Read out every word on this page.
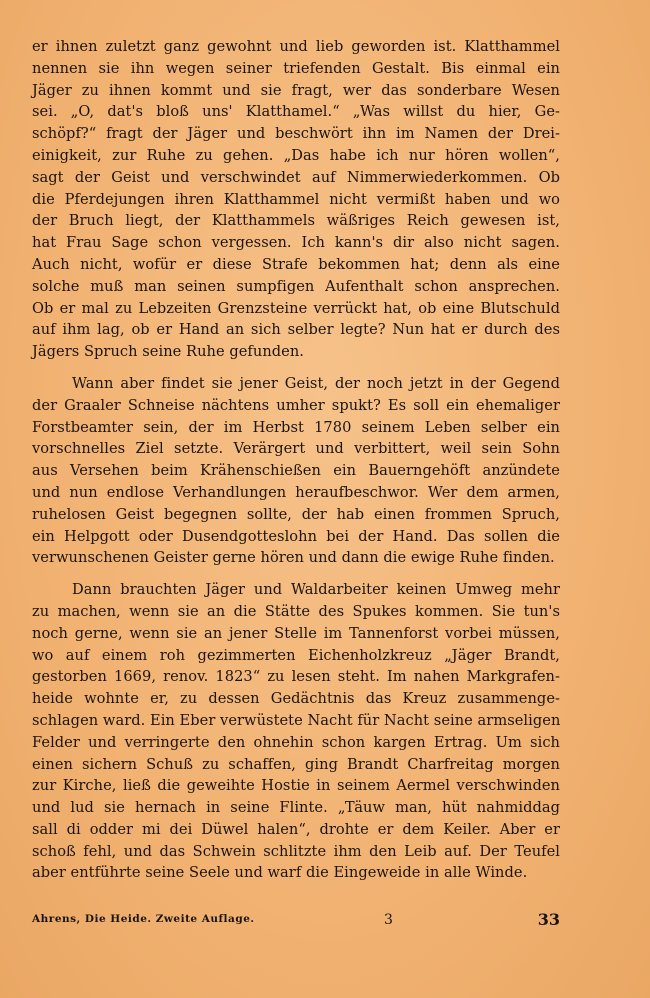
er ihnen zuletzt ganz gewohnt und lieb geworden ist. Klatthammel
nennen sie ihn wegen seiner triefenden Gestalt. Bis einmal ein
Jäger zu ihnen kommt und sie fragt, wer das sonderbare Wesen
sei. „O, dat's bloß uns' Klatthamel.“ „Was willst du hier, Ge-
schöpf?“ fragt der Jäger und beschwört ihn im Namen der Drei-
einigkeit, zur Ruhe zu gehen. „Das habe ich nur hören wollen“,
sagt der Geist und verschwindet auf Nimmerwiederkommen. Ob
die Pferdejungen ihren Klatthammel nicht vermißt haben und wo
der Bruch liegt, der Klatthammels wäßriges Reich gewesen ist,
hat Frau Sage schon vergessen. Ich kann's dir also nicht sagen.
Auch nicht, wofür er diese Strafe bekommen hat; denn als eine
solche muß man seinen sumpfigen Aufenthalt schon ansprechen.
Ob er mal zu Lebzeiten Grenzsteine verrückt hat, ob eine Blutschuld
auf ihm lag, ob er Hand an sich selber legte? Nun hat er durch des
Jägers Spruch seine Ruhe gefunden.
Wann aber findet sie jener Geist, der noch jetzt in der Gegend
der Graaler Schneise nächtens umher spukt? Es soll ein ehemaliger
Forstbeamter sein, der im Herbst 1780 seinem Leben selber ein
vorschnelles Ziel setzte. Verärgert und verbittert, weil sein Sohn
aus Versehen beim Krähenschießen ein Bauerngehöft anzündete
und nun endlose Verhandlungen heraufbeschwor. Wer dem armen,
ruhelosen Geist begegnen sollte, der hab einen frommen Spruch,
ein Helpgott oder Dusendgotteslohn bei der Hand. Das sollen die
verwunschenen Geister gerne hören und dann die ewige Ruhe finden.
Dann brauchten Jäger und Waldarbeiter keinen Umweg mehr
zu machen, wenn sie an die Stätte des Spukes kommen. Sie tun's
noch gerne, wenn sie an jener Stelle im Tannenforst vorbei müssen,
wo auf einem roh gezimmerten Eichenholzkreuz „Jäger Brandt,
gestorben 1669, renov. 1823“ zu lesen steht. Im nahen Markgrafen-
heide wohnte er, zu dessen Gedächtnis das Kreuz zusammenge-
schlagen ward. Ein Eber verwüstete Nacht für Nacht seine armseligen
Felder und verringerte den ohnehin schon kargen Ertrag. Um sich
einen sichern Schuß zu schaffen, ging Brandt Charfreitag morgen
zur Kirche, ließ die geweihte Hostie in seinem Aermel verschwinden
und lud sie hernach in seine Flinte. „Täuw man, hüt nahmiddag
sall di odder mi dei Düwel halen“, drohte er dem Keiler. Aber er
schoß fehl, und das Schwein schlitzte ihm den Leib auf. Der Teufel
aber entführte seine Seele und warf die Eingeweide in alle Winde.
Ahrens, Die Heide. Zweite Auflage.	3	33
